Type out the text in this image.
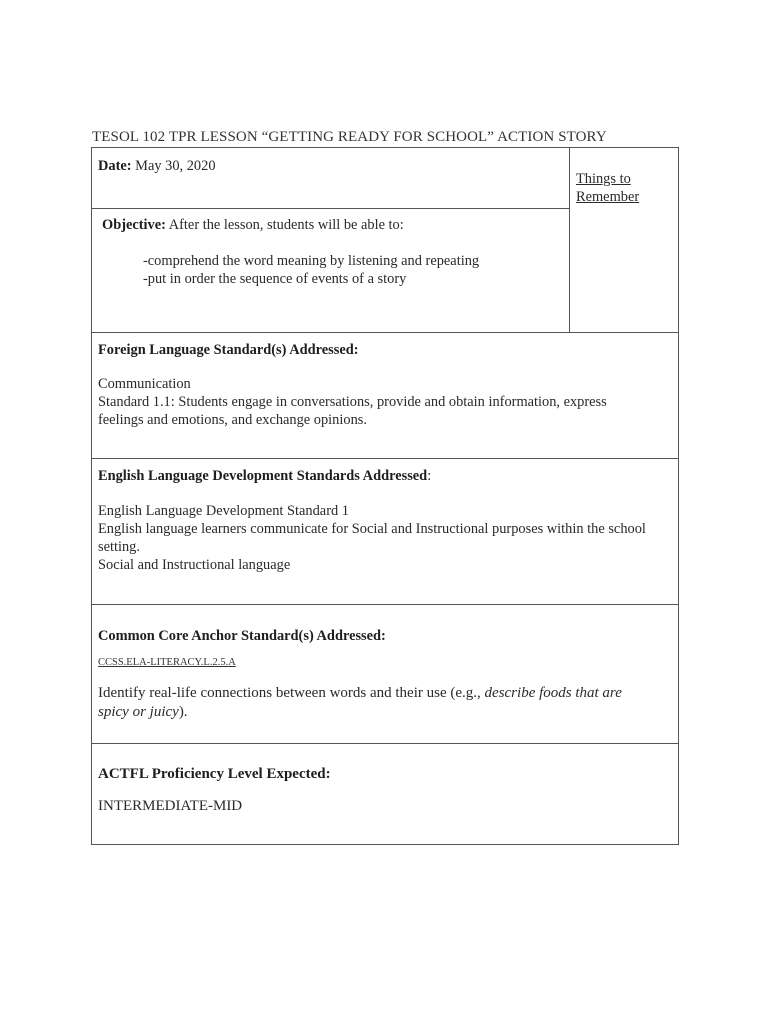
TESOL 102 TPR LESSON “GETTING READY FOR SCHOOL” ACTION STORY

Date: May 30, 2020

Things to

Remember

Objective: After the lesson, students will be able to:

-comprehend the word meaning by listening and repeating

-put in order the sequence of events of a story

Foreign Language Standard(s) Addressed:

Communication

Standard 1.1: Students engage in conversations, provide and obtain information, express

feelings and emotions, and exchange opinions.

English Language Development Standards Addressed:

English Language Development Standard 1

English language learners communicate for Social and Instructional purposes within the school

setting.

Social and Instructional language

Common Core Anchor Standard(s) Addressed:

CCSS.ELA-LITERACY.L.2.5.A

Identify real-life connections between words and their use (e.g., describe foods that are

spicy or juicy).

ACTFL Proficiency Level Expected:

INTERMEDIATE-MID
